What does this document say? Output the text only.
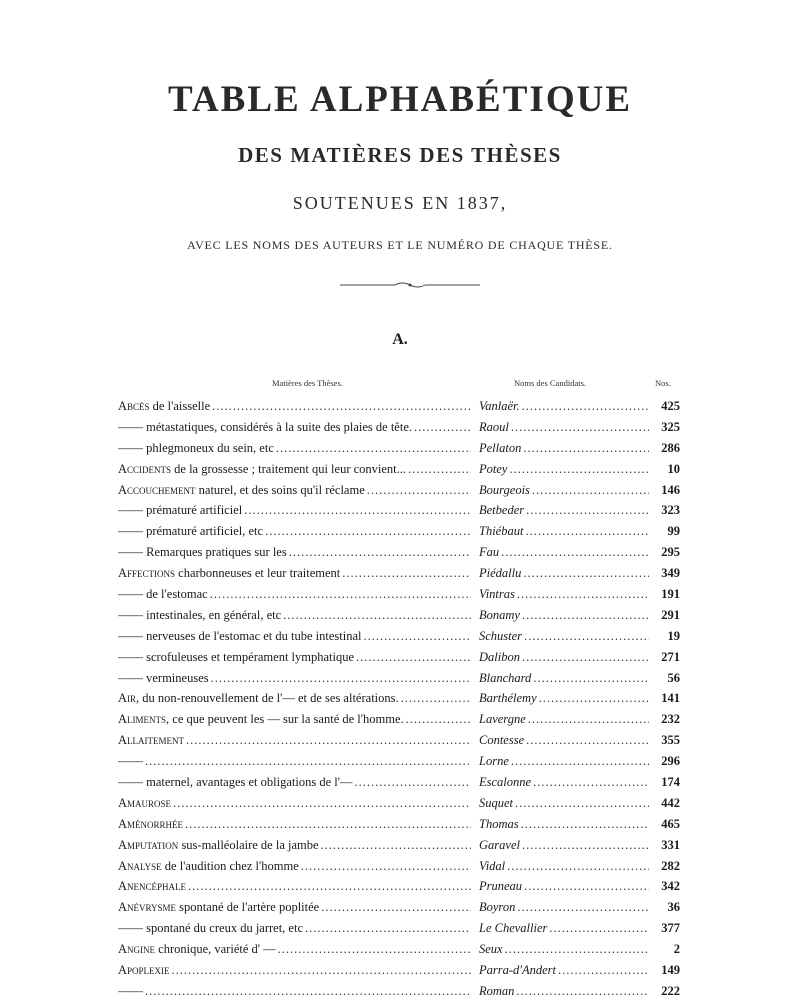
TABLE ALPHABÉTIQUE
DES MATIÈRES DES THÈSES
SOUTENUES EN 1837,
AVEC LES NOMS DES AUTEURS ET LE NUMÉRO DE CHAQUE THÈSE.
A.
Matières des Thèses.	Noms des Candidats.	Nos.
Abcès de l'aisselle .....	Vanlaër. .....	425
—— métastatiques, considérés à la suite des plaies de tête. .....	Raoul .....	325
—— phlegmoneux du sein, etc .....	Pellaton .....	286
Accidents de la grossesse ; traitement qui leur convient... .....	Potey .....	10
Accouchement naturel, et des soins qu'il réclame .....	Bourgeois .....	146
—— prématuré artificiel .....	Betbeder .....	323
—— prématuré artificiel, etc .....	Thiébaut .....	99
—— Remarques pratiques sur les .....	Fau .....	295
Affections charbonneuses et leur traitement .....	Piédallu .....	349
—— de l'estomac .....	Vintras .....	191
—— intestinales, en général, etc .....	Bonamy .....	291
—— nerveuses de l'estomac et du tube intestinal .....	Schuster .....	19
—— scrofuleuses et tempérament lymphatique .....	Dalibon .....	271
—— vermineuses .....	Blanchard .....	56
Air, du non-renouvellement de l'— et de ses altérations. .....	Barthélemy .....	141
Aliments, ce que peuvent les — sur la santé de l'homme. .....	Lavergne .....	232
Allaitement .....	Contesse .....	355
—— .....	Lorne .....	296
—— maternel, avantages et obligations de l'— .....	Escalonne .....	174
Amaurose .....	Suquet .....	442
Aménorrhée .....	Thomas .....	465
Amputation sus-malléolaire de la jambe .....	Garavel .....	331
Analyse de l'audition chez l'homme .....	Vidal .....	282
Anencéphale .....	Pruneau .....	342
Anévrysme spontané de l'artère poplitée .....	Boyron .....	36
—— spontané du creux du jarret, etc .....	Le Chevallier .....	377
Angine chronique, variété d' — .....	Seux .....	2
Apoplexie .....	Parra-d'Andert .....	149
—— .....	Roman .....	222
